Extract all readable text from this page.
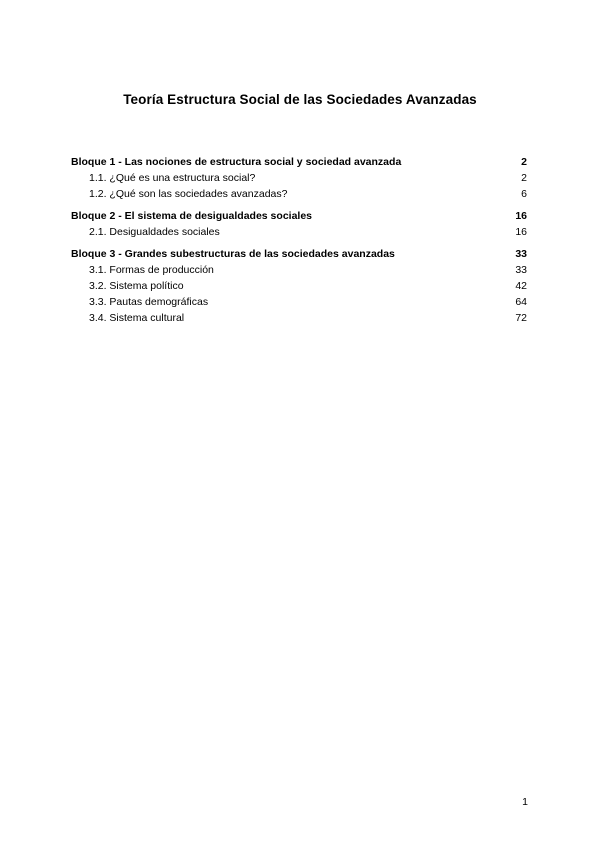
Teoría Estructura Social de las Sociedades Avanzadas
Bloque 1 - Las nociones de estructura social y sociedad avanzada	2
1.1. ¿Qué es una estructura social?	2
1.2. ¿Qué son las sociedades avanzadas?	6
Bloque 2 - El sistema de desigualdades sociales	16
2.1. Desigualdades sociales	16
Bloque 3 - Grandes subestructuras de las sociedades avanzadas	33
3.1. Formas de producción	33
3.2. Sistema político	42
3.3. Pautas demográficas	64
3.4. Sistema cultural	72
1
